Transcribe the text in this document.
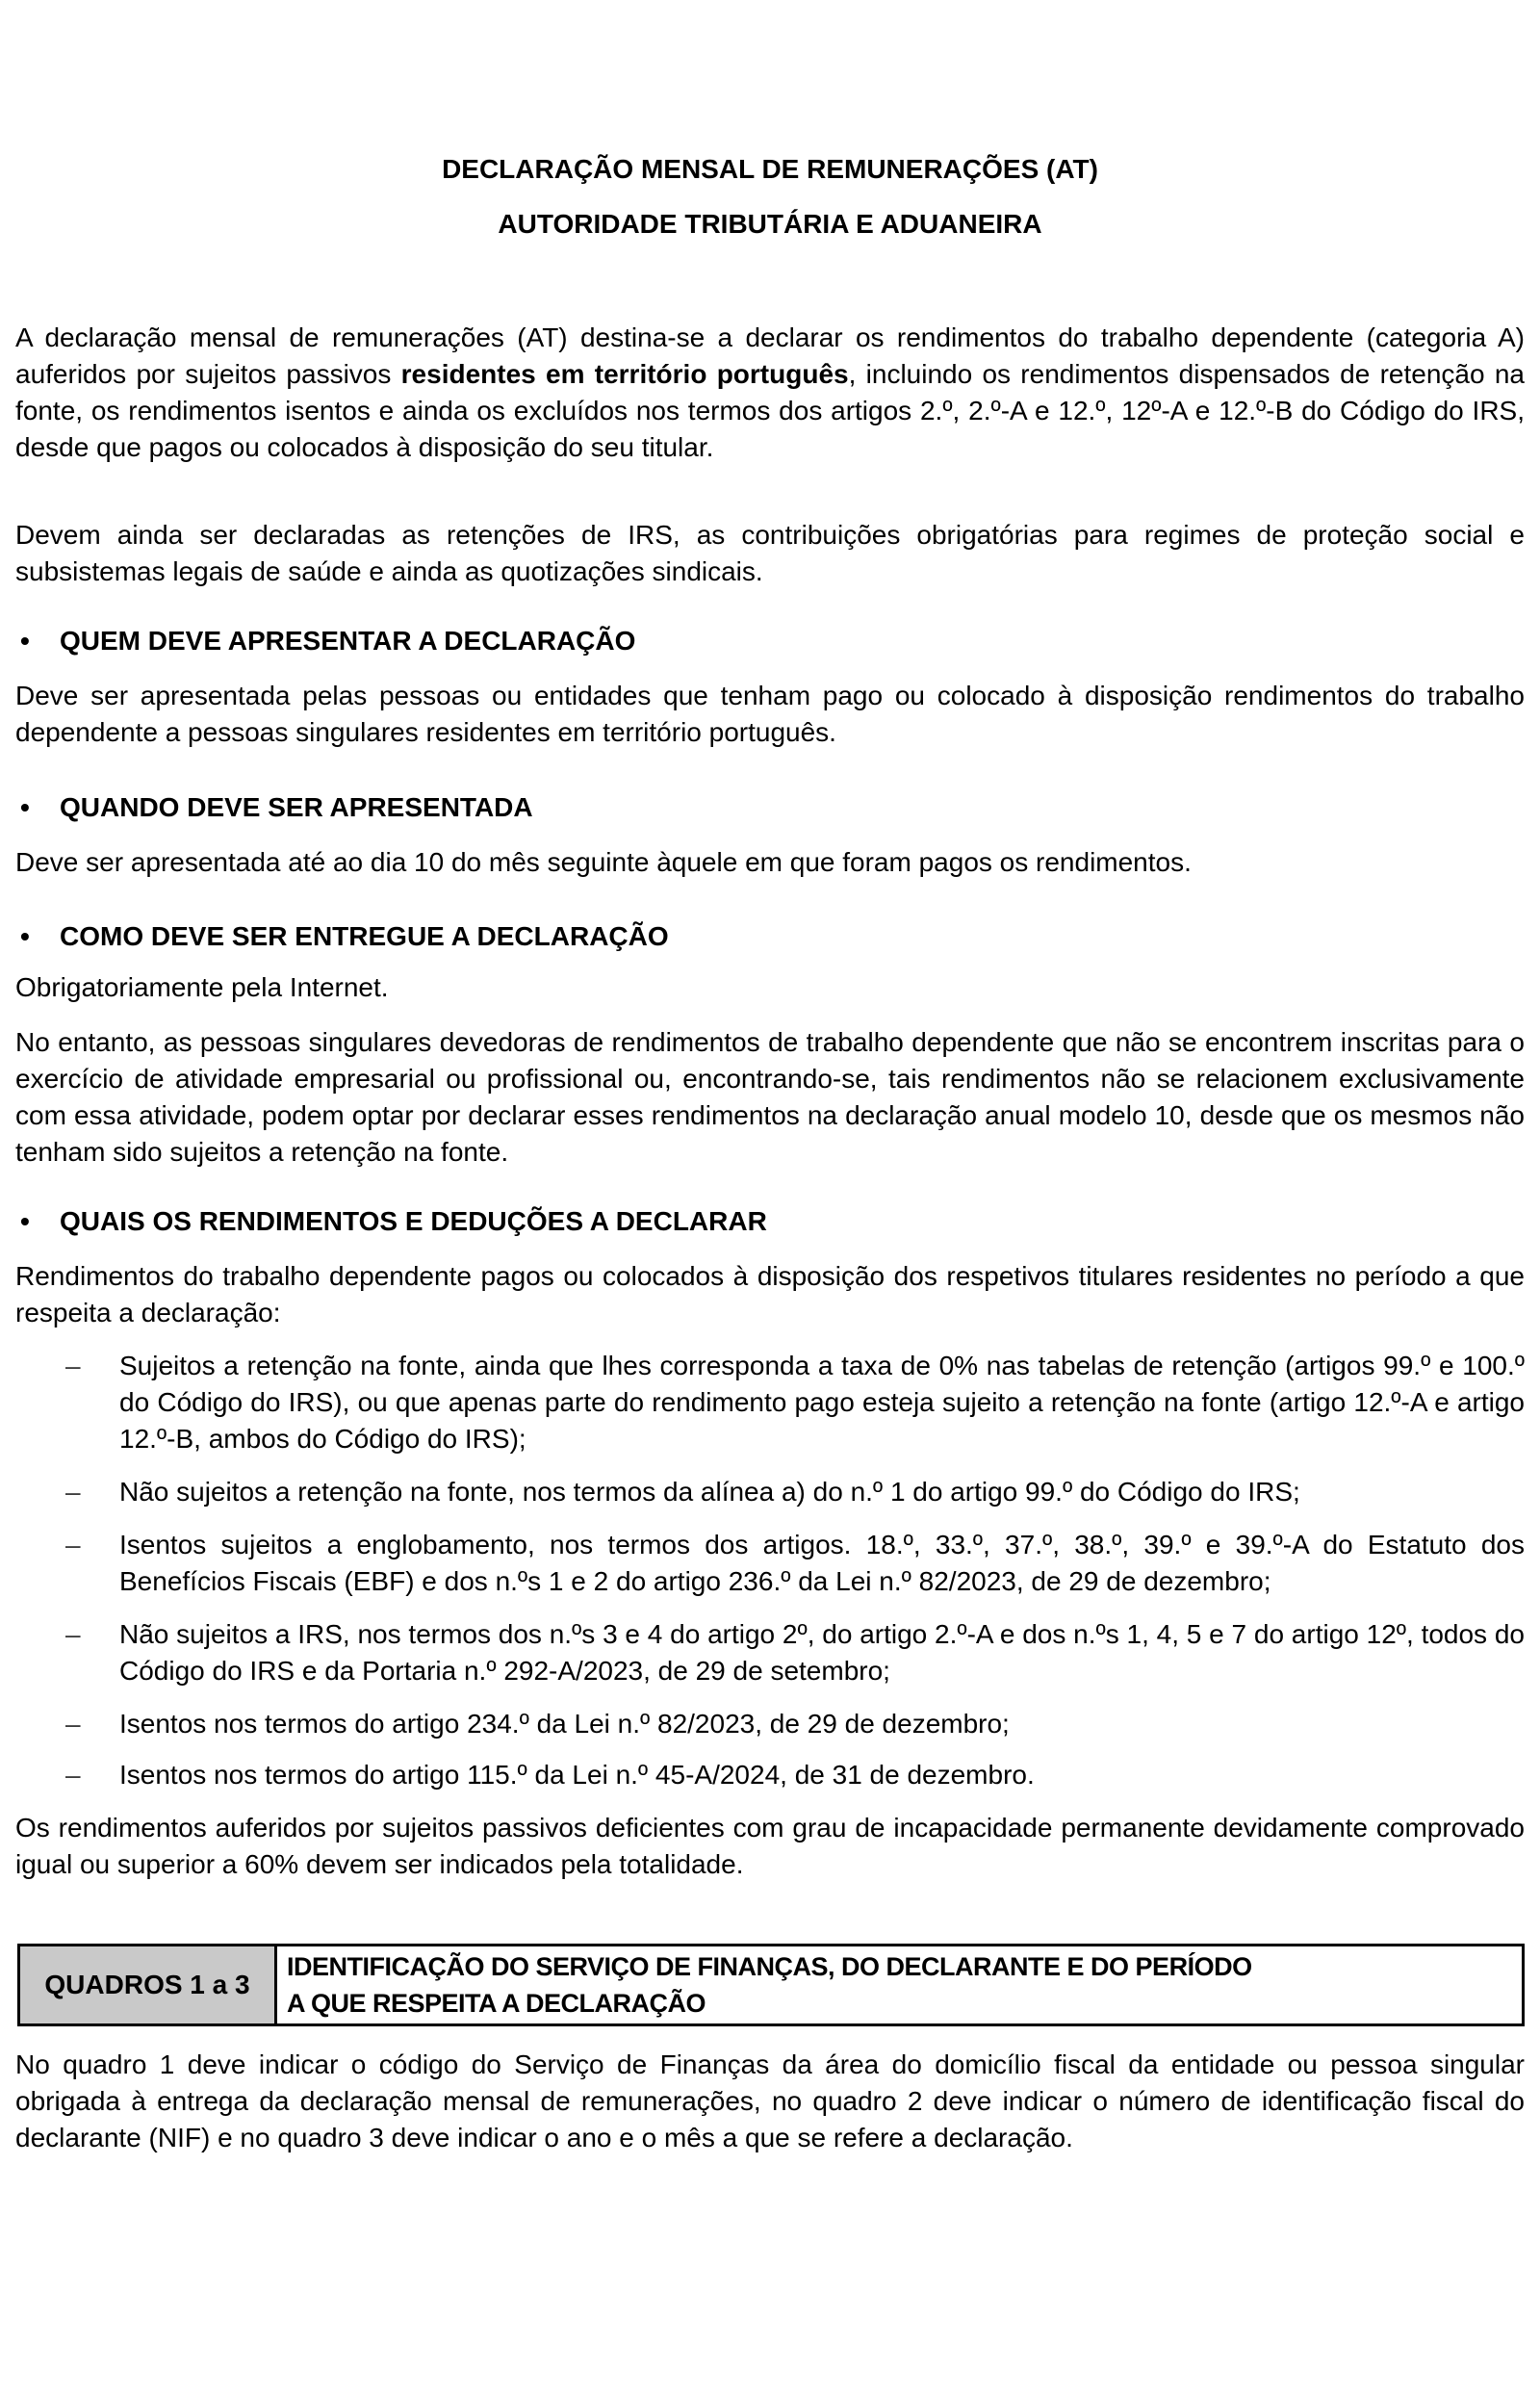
DECLARAÇÃO MENSAL DE REMUNERAÇÕES (AT)
AUTORIDADE TRIBUTÁRIA E ADUANEIRA

A declaração mensal de remunerações (AT) destina-se a declarar os rendimentos do trabalho dependente (categoria A) auferidos por sujeitos passivos residentes em território português, incluindo os rendimentos dispensados de retenção na fonte, os rendimentos isentos e ainda os excluídos nos termos dos artigos 2.º, 2.º-A e 12.º, 12º-A e 12.º-B do Código do IRS, desde que pagos ou colocados à disposição do seu titular.

Devem ainda ser declaradas as retenções de IRS, as contribuições obrigatórias para regimes de proteção social e subsistemas legais de saúde e ainda as quotizações sindicais.

•	QUEM DEVE APRESENTAR A DECLARAÇÃO

Deve ser apresentada pelas pessoas ou entidades que tenham pago ou colocado à disposição rendimentos do trabalho dependente a pessoas singulares residentes em território português.

•	QUANDO DEVE SER APRESENTADA

Deve ser apresentada até ao dia 10 do mês seguinte àquele em que foram pagos os rendimentos.

•	COMO DEVE SER ENTREGUE A DECLARAÇÃO

Obrigatoriamente pela Internet.

No entanto, as pessoas singulares devedoras de rendimentos de trabalho dependente que não se encontrem inscritas para o exercício de atividade empresarial ou profissional ou, encontrando-se, tais rendimentos não se relacionem exclusivamente com essa atividade, podem optar por declarar esses rendimentos na declaração anual modelo 10, desde que os mesmos não tenham sido sujeitos a retenção na fonte.

•	QUAIS OS RENDIMENTOS E DEDUÇÕES A DECLARAR

Rendimentos do trabalho dependente pagos ou colocados à disposição dos respetivos titulares residentes no período a que respeita a declaração:

–	Sujeitos a retenção na fonte, ainda que lhes corresponda a taxa de 0% nas tabelas de retenção (artigos 99.º e 100.º do Código do IRS), ou que apenas parte do rendimento pago esteja sujeito a retenção na fonte (artigo 12.º-A e artigo 12.º-B, ambos do Código do IRS);
–	Não sujeitos a retenção na fonte, nos termos da alínea a) do n.º 1 do artigo 99.º do Código do IRS;
–	Isentos sujeitos a englobamento, nos termos dos artigos. 18.º, 33.º, 37.º, 38.º, 39.º e 39.º-A do Estatuto dos Benefícios Fiscais (EBF) e dos n.ºs 1 e 2 do artigo 236.º da Lei n.º 82/2023, de 29 de dezembro;
–	Não sujeitos a IRS, nos termos dos n.ºs 3 e 4 do artigo 2º, do artigo 2.º-A e dos n.ºs 1, 4, 5 e 7 do artigo 12º, todos do Código do IRS e da Portaria n.º 292-A/2023, de 29 de setembro;
–	Isentos nos termos do artigo 234.º da Lei n.º 82/2023, de 29 de dezembro;
–	Isentos nos termos do artigo 115.º da Lei n.º 45-A/2024, de 31 de dezembro.

Os rendimentos auferidos por sujeitos passivos deficientes com grau de incapacidade permanente devidamente comprovado igual ou superior a 60% devem ser indicados pela totalidade.

QUADROS 1 a 3
IDENTIFICAÇÃO DO SERVIÇO DE FINANÇAS, DO DECLARANTE E DO PERÍODO
A QUE RESPEITA A DECLARAÇÃO

No quadro 1 deve indicar o código do Serviço de Finanças da área do domicílio fiscal da entidade ou pessoa singular obrigada à entrega da declaração mensal de remunerações, no quadro 2 deve indicar o número de identificação fiscal do declarante (NIF) e no quadro 3 deve indicar o ano e o mês a que se refere a declaração.
